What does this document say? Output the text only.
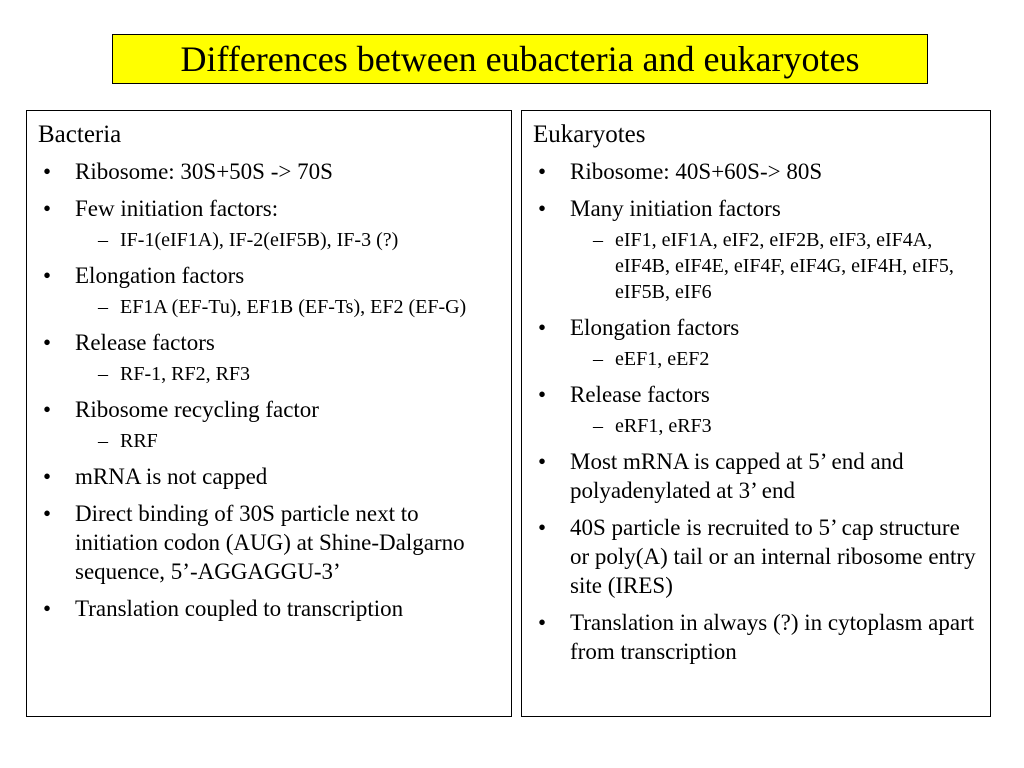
Differences between eubacteria and eukaryotes
Bacteria
• Ribosome: 30S+50S -> 70S
• Few initiation factors:
– IF-1(eIF1A), IF-2(eIF5B), IF-3 (?)
• Elongation factors
– EF1A (EF-Tu), EF1B (EF-Ts), EF2 (EF-G)
• Release factors
– RF-1, RF2, RF3
• Ribosome recycling factor
– RRF
• mRNA is not capped
• Direct binding of 30S particle next to initiation codon (AUG) at Shine-Dalgarno sequence, 5’-AGGAGGU-3’
• Translation coupled to transcription
Eukaryotes
• Ribosome: 40S+60S-> 80S
• Many initiation factors
– eIF1, eIF1A, eIF2, eIF2B, eIF3, eIF4A, eIF4B, eIF4E, eIF4F, eIF4G, eIF4H, eIF5, eIF5B, eIF6
• Elongation factors
– eEF1, eEF2
• Release factors
– eRF1, eRF3
• Most mRNA is capped at 5’ end and polyadenylated at 3’ end
• 40S particle is recruited to 5’ cap structure or poly(A) tail or an internal ribosome entry site (IRES)
• Translation in always (?) in cytoplasm apart from transcription
